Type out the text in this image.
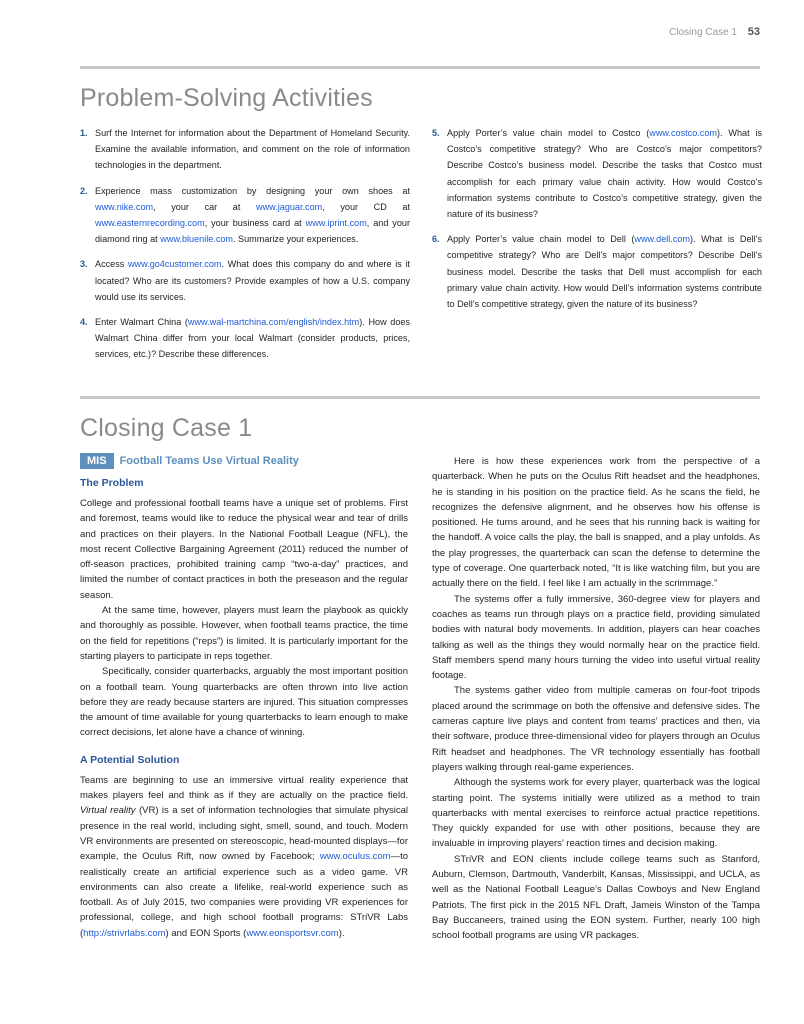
Closing Case 1 53
Problem-Solving Activities
1. Surf the Internet for information about the Department of Homeland Security. Examine the available information, and comment on the role of information technologies in the department.
2. Experience mass customization by designing your own shoes at www.nike.com, your car at www.jaguar.com, your CD at www.easternrecording.com, your business card at www.iprint.com, and your diamond ring at www.bluenile.com. Summarize your experiences.
3. Access www.go4customer.com. What does this company do and where is it located? Who are its customers? Provide examples of how a U.S. company would use its services.
4. Enter Walmart China (www.wal-martchina.com/english/index.htm). How does Walmart China differ from your local Walmart (consider products, prices, services, etc.)? Describe these differences.
5. Apply Porter’s value chain model to Costco (www.costco.com). What is Costco’s competitive strategy? Who are Costco’s major competitors? Describe Costco’s business model. Describe the tasks that Costco must accomplish for each primary value chain activity. How would Costco’s information systems contribute to Costco’s competitive strategy, given the nature of its business?
6. Apply Porter’s value chain model to Dell (www.dell.com). What is Dell’s competitive strategy? Who are Dell’s major competitors? Describe Dell’s business model. Describe the tasks that Dell must accomplish for each primary value chain activity. How would Dell’s information systems contribute to Dell’s competitive strategy, given the nature of its business?
Closing Case 1
MIS	Football Teams Use Virtual Reality
The Problem

College and professional football teams have a unique set of problems. First and foremost, teams would like to reduce the physical wear and tear of drills and practices on their players. In the National Football League (NFL), the most recent Collective Bargaining Agreement (2011) reduced the number of off-season practices, prohibited training camp “two-a-day” practices, and limited the number of contact practices in both the preseason and the regular season.

At the same time, however, players must learn the playbook as quickly and thoroughly as possible. However, when football teams practice, the time on the field for repetitions (“reps”) is limited. It is particularly important for the starting players to participate in reps together.

Specifically, consider quarterbacks, arguably the most important position on a football team. Young quarterbacks are often thrown into live action before they are ready because starters are injured. This situation compresses the amount of time available for young quarterbacks to learn enough to make correct decisions, let alone have a chance of winning.

A Potential Solution

Teams are beginning to use an immersive virtual reality experience that makes players feel and think as if they are actually on the practice field. Virtual reality (VR) is a set of information technologies that simulate physical presence in the real world, including sight, smell, sound, and touch. Modern VR environments are presented on stereoscopic, head-mounted displays—for example, the Oculus Rift, now owned by Facebook; www.oculus.com—to realistically create an artificial experience such as a video game. VR environments can also create a lifelike, real-world experience such as football. As of July 2015, two companies were providing VR experiences for professional, college, and high school football programs: STriVR Labs (http://strivrlabs.com) and EON Sports (www.eonsportsvr.com).

Here is how these experiences work from the perspective of a quarterback. When he puts on the Oculus Rift headset and the headphones, he is standing in his position on the practice field. As he scans the field, he recognizes the defensive alignment, and he observes how his offense is positioned. He turns around, and he sees that his running back is waiting for the handoff. A voice calls the play, the ball is snapped, and a play unfolds. As the play progresses, the quarterback can scan the defense to determine the type of coverage. One quarterback noted, “It is like watching film, but you are actually there on the field. I feel like I am actually in the scrimmage.”

The systems offer a fully immersive, 360-degree view for players and coaches as teams run through plays on a practice field, providing simulated bodies with natural body movements. In addition, players can hear coaches talking as well as the things they would normally hear on the practice field. Staff members spend many hours turning the video into useful virtual reality footage.

The systems gather video from multiple cameras on four-foot tripods placed around the scrimmage on both the offensive and defensive sides. The cameras capture live plays and content from teams’ practices and then, via their software, produce three-dimensional video for players through an Oculus Rift headset and headphones. The VR technology essentially has football players walking through real-game experiences.

Although the systems work for every player, quarterback was the logical starting point. The systems initially were utilized as a method to train quarterbacks with mental exercises to reinforce actual practice repetitions. They quickly expanded for use with other positions, because they are invaluable in improving players’ reaction times and decision making.

STriVR and EON clients include college teams such as Stanford, Auburn, Clemson, Dartmouth, Vanderbilt, Kansas, Mississippi, and UCLA, as well as the National Football League’s Dallas Cowboys and New England Patriots. The first pick in the 2015 NFL Draft, Jameis Winston of the Tampa Bay Buccaneers, trained using the EON system. Further, nearly 100 high school football programs are using VR packages.
